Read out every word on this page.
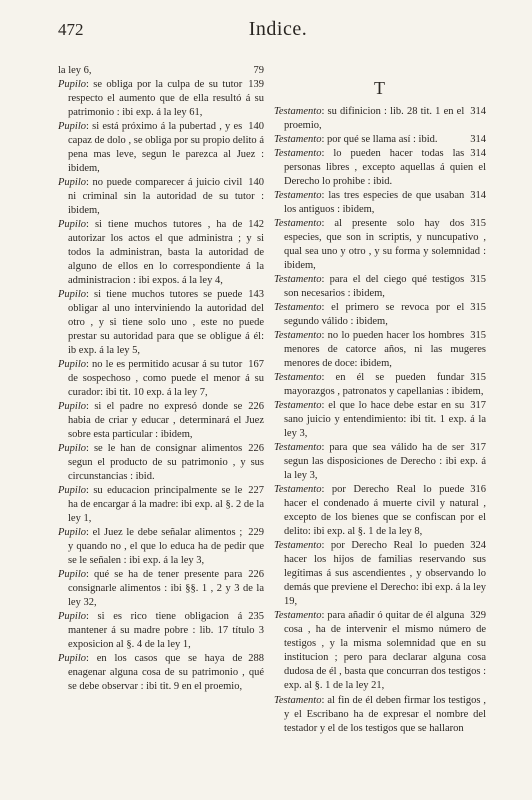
472	Indice.
79
la ley 6,
139
Pupilo: se obliga por la culpa de su tutor respecto el aumento que de ella resultó á su patrimonio : ibi exp. á la ley 61,
140
Pupilo: si está próximo á la pubertad , y es capaz de dolo , se obliga por su propio delito á pena mas leve, segun le parezca al Juez : ibidem,
140
Pupilo: no puede comparecer á juicio civil ni criminal sin la autoridad de su tutor : ibidem,
142
Pupilo: si tiene muchos tutores , ha de autorizar los actos el que administra ; y si todos la administran, basta la autoridad de alguno de ellos en lo correspondiente á la administracion : ibi expos. á la ley 4,
143
Pupilo: si tiene muchos tutores se puede obligar al uno interviniendo la autoridad del otro , y si tiene solo uno , este no puede prestar su autoridad para que se obligue á él: ib exp. á la ley 5,
167
Pupilo: no le es permitido acusar á su tutor de sospechoso , como puede el menor á su curador: ibi tit. 10 exp. á la ley 7,
226
Pupilo: si el padre no expresó donde se habia de criar y educar , determinará el Juez sobre esta particular : ibidem,
226
Pupilo: se le han de consignar alimentos segun el producto de su patrimonio , y sus circunstancias : ibid.
227
Pupilo: su educacion principalmente se le ha de encargar á la madre: ibi exp. al §. 2 de la ley 1,
229
Pupilo: el Juez le debe señalar alimentos ; y quando no , el que lo educa ha de pedir que se le señalen : ibi exp. á la ley 3,
226
Pupilo: qué se ha de tener presente para consignarle alimentos : ibi §§. 1 , 2 y 3 de la ley 32,
235
Pupilo: si es rico tiene obligacion á mantener á su madre pobre : lib. 17 título 3 exposicion al §. 4 de la ley 1,
288
Pupilo: en los casos que se haya de enagenar alguna cosa de su patrimonio , qué se debe observar : ibi tit. 9 en el proemio,
T
314
Testamento: su difinicion : lib. 28 tit. 1 en el proemio,
314
Testamento: por qué se llama así : ibid.
314
Testamento: lo pueden hacer todas las personas libres , excepto aquellas á quien el Derecho lo prohibe : ibid.
314
Testamento: las tres especies de que usaban los antiguos : ibidem,
315
Testamento: al presente solo hay dos especies, que son in scriptis, y nuncupativo , qual sea uno y otro , y su forma y solemnidad : ibidem,
315
Testamento: para el del ciego qué testigos son necesarios : ibidem,
315
Testamento: el primero se revoca por el segundo válido : ibidem,
315
Testamento: no lo pueden hacer los hombres menores de catorce años, ni las mugeres menores de doce: ibidem,
315
Testamento: en él se pueden fundar mayorazgos , patronatos y capellanias : ibidem,
317
Testamento: el que lo hace debe estar en su sano juicio y entendimiento: ibi tit. 1 exp. á la ley 3,
317
Testamento: para que sea válido ha de ser segun las disposiciones de Derecho : ibi exp. á la ley 3,
316
Testamento: por Derecho Real lo puede hacer el condenado á muerte civil y natural , excepto de los bienes que se confiscan por el delito: ibi exp. al §. 1 de la ley 8,
324
Testamento: por Derecho Real lo pueden hacer los hijos de familias reservando sus legítimas á sus ascendientes , y observando lo demás que previene el Derecho: ibi exp. á la ley 19,
329
Testamento: para añadir ó quitar de él alguna cosa , ha de intervenir el mismo número de testigos , y la misma solemnidad que en su institucion ; pero para declarar alguna cosa dudosa de él , basta que concurran dos testigos : exp. al §. 1 de la ley 21,
Testamento: al fin de él deben firmar los testigos , y el Escribano ha de expresar el nombre del testador y el de los testigos que se hallaron
